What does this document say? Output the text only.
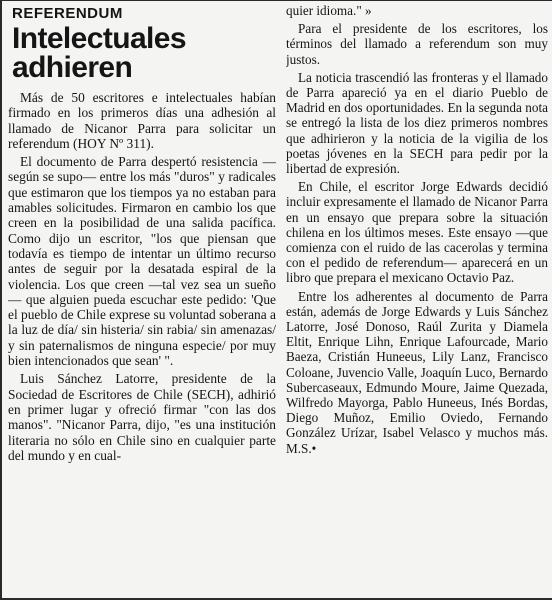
REFERENDUM
Intelectuales
adhieren

Más de 50 escritores e intelectuales habían firmado en los primeros días una adhesión al llamado de Nicanor Parra para solicitar un referendum (HOY Nº 311).

El documento de Parra despertó resistencia —según se supo— entre los más "duros" y radicales que estimaron que los tiempos ya no estaban para amables solicitudes. Firmaron en cambio los que creen en la posibilidad de una salida pacífica. Como dijo un escritor, "los que piensan que todavía es tiempo de intentar un último recurso antes de seguir por la desatada espiral de la violencia. Los que creen —tal vez sea un sueño— que alguien pueda escuchar este pedido: 'Que el pueblo de Chile exprese su voluntad soberana a la luz de día/ sin histeria/ sin rabia/ sin amenazas/ y sin paternalismos de ninguna especie/ por muy bien intencionados que sean' ".

Luis Sánchez Latorre, presidente de la Sociedad de Escritores de Chile (SECH), adhirió en primer lugar y ofreció firmar "con las dos manos". "Nicanor Parra, dijo, "es una institución literaria no sólo en Chile sino en cualquier parte del mundo y en cual-

quier idioma." »

Para el presidente de los escritores, los términos del llamado a referendum son muy justos.

La noticia trascendió las fronteras y el llamado de Parra apareció ya en el diario Pueblo de Madrid en dos oportunidades. En la segunda nota se entregó la lista de los diez primeros nombres que adhirieron y la noticia de la vigilia de los poetas jóvenes en la SECH para pedir por la libertad de expresión.

En Chile, el escritor Jorge Edwards decidió incluir expresamente el llamado de Nicanor Parra en un ensayo que prepara sobre la situación chilena en los últimos meses. Este ensayo —que comienza con el ruido de las cacerolas y termina con el pedido de referendum— aparecerá en un libro que prepara el mexicano Octavio Paz.

Entre los adherentes al documento de Parra están, además de Jorge Edwards y Luis Sánchez Latorre, José Donoso, Raúl Zurita y Diamela Eltit, Enrique Lihn, Enrique Lafourcade, Mario Baeza, Cristián Huneeus, Lily Lanz, Francisco Coloane, Juvencio Valle, Joaquín Luco, Bernardo Subercaseaux, Edmundo Moure, Jaime Quezada, Wilfredo Mayorga, Pablo Huneeus, Inés Bordas, Diego Muñoz, Emilio Oviedo, Fernando González Urízar, Isabel Velasco y muchos más. M.S.•
